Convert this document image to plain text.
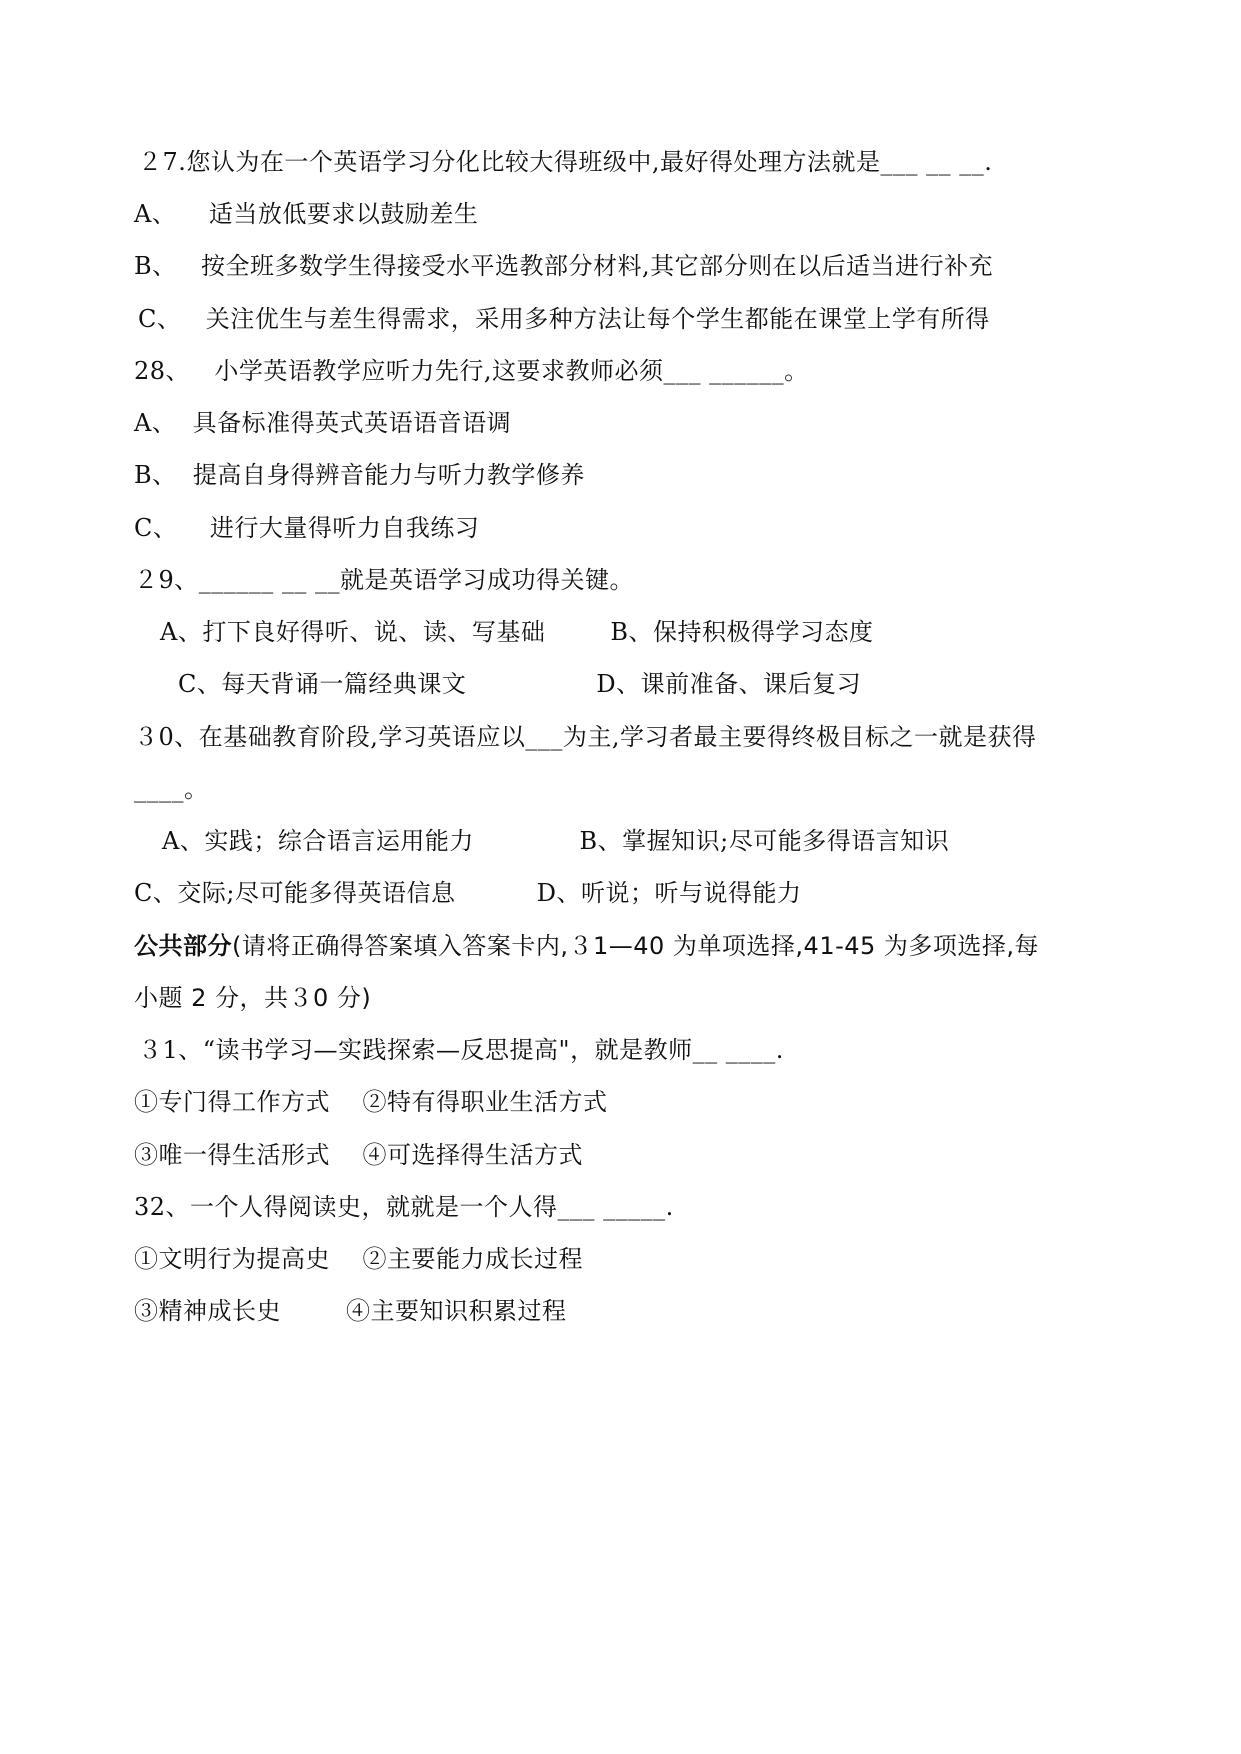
２7.您认为在一个英语学习分化比较大得班级中,最好得处理方法就是___ __ __.
A、    适当放低要求以鼓励差生
B、   按全班多数学生得接受水平选教部分材料,其它部分则在以后适当进行补充
C、   关注优生与差生得需求，采用多种方法让每个学生都能在课堂上学有所得
28、   小学英语教学应听力先行,这要求教师必须___ ______。
A、  具备标准得英式英语语音语调
B、  提高自身得辨音能力与听力教学修养
C、    进行大量得听力自我练习
２9、______ __ __就是英语学习成功得关键。
A、打下良好得听、说、读、写基础        B、保持积极得学习态度
C、每天背诵一篇经典课文                D、课前准备、课后复习
３0、在基础教育阶段,学习英语应以___为主,学习者最主要得终极目标之一就是获得
____。
A、实践；综合语言运用能力             B、掌握知识;尽可能多得语言知识
C、交际;尽可能多得英语信息          D、听说；听与说得能力
公共部分(请将正确得答案填入答案卡内,３1—40 为单项选择,41-45 为多项选择,每
小题 2 分，共３0 分)
３1、“读书学习—实践探索—反思提高"，就是教师__ ____.
①专门得工作方式    ②特有得职业生活方式
③唯一得生活形式    ④可选择得生活方式
32、一个人得阅读史，就就是一个人得___ _____.
①文明行为提高史    ②主要能力成长过程
③精神成长史        ④主要知识积累过程
